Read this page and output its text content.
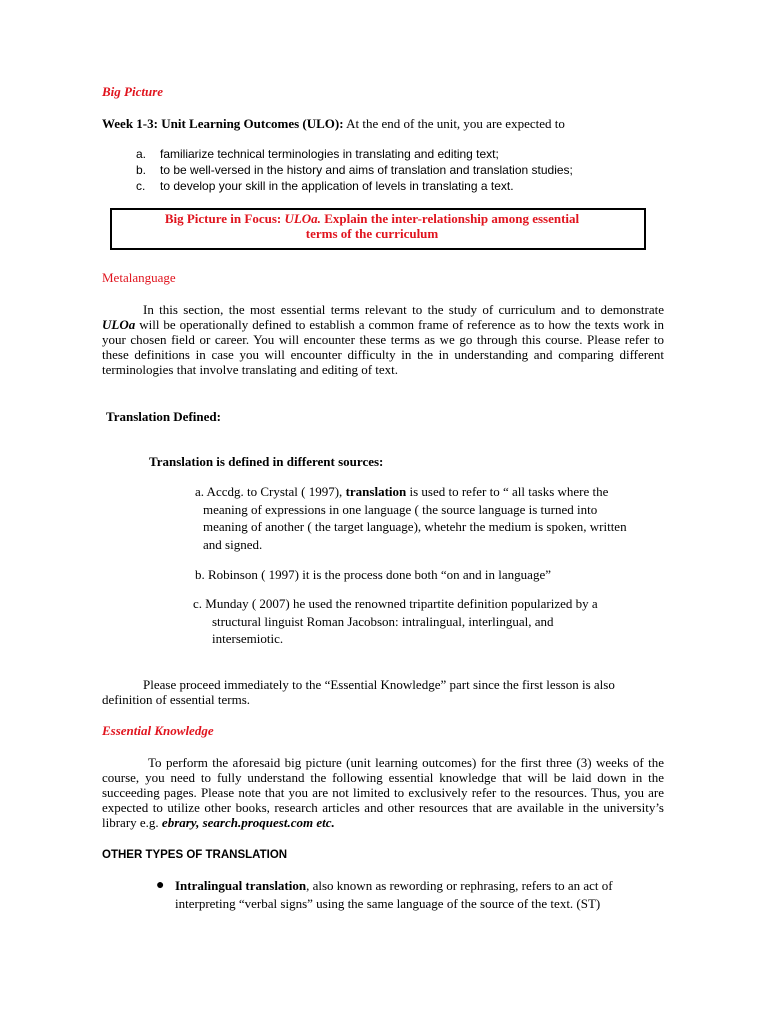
Big Picture
Week 1-3: Unit Learning Outcomes (ULO): At the end of the unit, you are expected to
a. familiarize technical terminologies in translating and editing text;
b. to be well-versed in the history and aims of translation and translation studies;
c. to develop your skill in the application of levels in translating a text.
Big Picture in Focus: ULOa. Explain the inter-relationship among essential
terms of the curriculum
Metalanguage
In this section, the most essential terms relevant to the study of curriculum and to demonstrate ULOa will be operationally defined to establish a common frame of reference as to how the texts work in your chosen field or career. You will encounter these terms as we go through this course. Please refer to these definitions in case you will encounter difficulty in the in understanding and comparing different terminologies that involve translating and editing of text.
Translation Defined:
Translation is defined in different sources:
a. Accdg. to Crystal ( 1997), translation is used to refer to “ all tasks where the
meaning of expressions in one language ( the source language is turned into
meaning of another ( the target language), whetehr the medium is spoken, written
and signed.
b. Robinson ( 1997) it is the process done both “on and in language”
c. Munday ( 2007) he used the renowned tripartite definition popularized by a
structural linguist Roman Jacobson: intralingual, interlingual, and
intersemiotic.
Please proceed immediately to the “Essential Knowledge” part since the first lesson is also definition of essential terms.
Essential Knowledge
To perform the aforesaid big picture (unit learning outcomes) for the first three (3) weeks of the course, you need to fully understand the following essential knowledge that will be laid down in the succeeding pages. Please note that you are not limited to exclusively refer to the resources. Thus, you are expected to utilize other books, research articles and other resources that are available in the university’s library e.g. ebrary, search.proquest.com etc.
OTHER TYPES OF TRANSLATION
● Intralingual translation, also known as rewording or rephrasing, refers to an act of interpreting “verbal signs” using the same language of the source of the text. (ST)
